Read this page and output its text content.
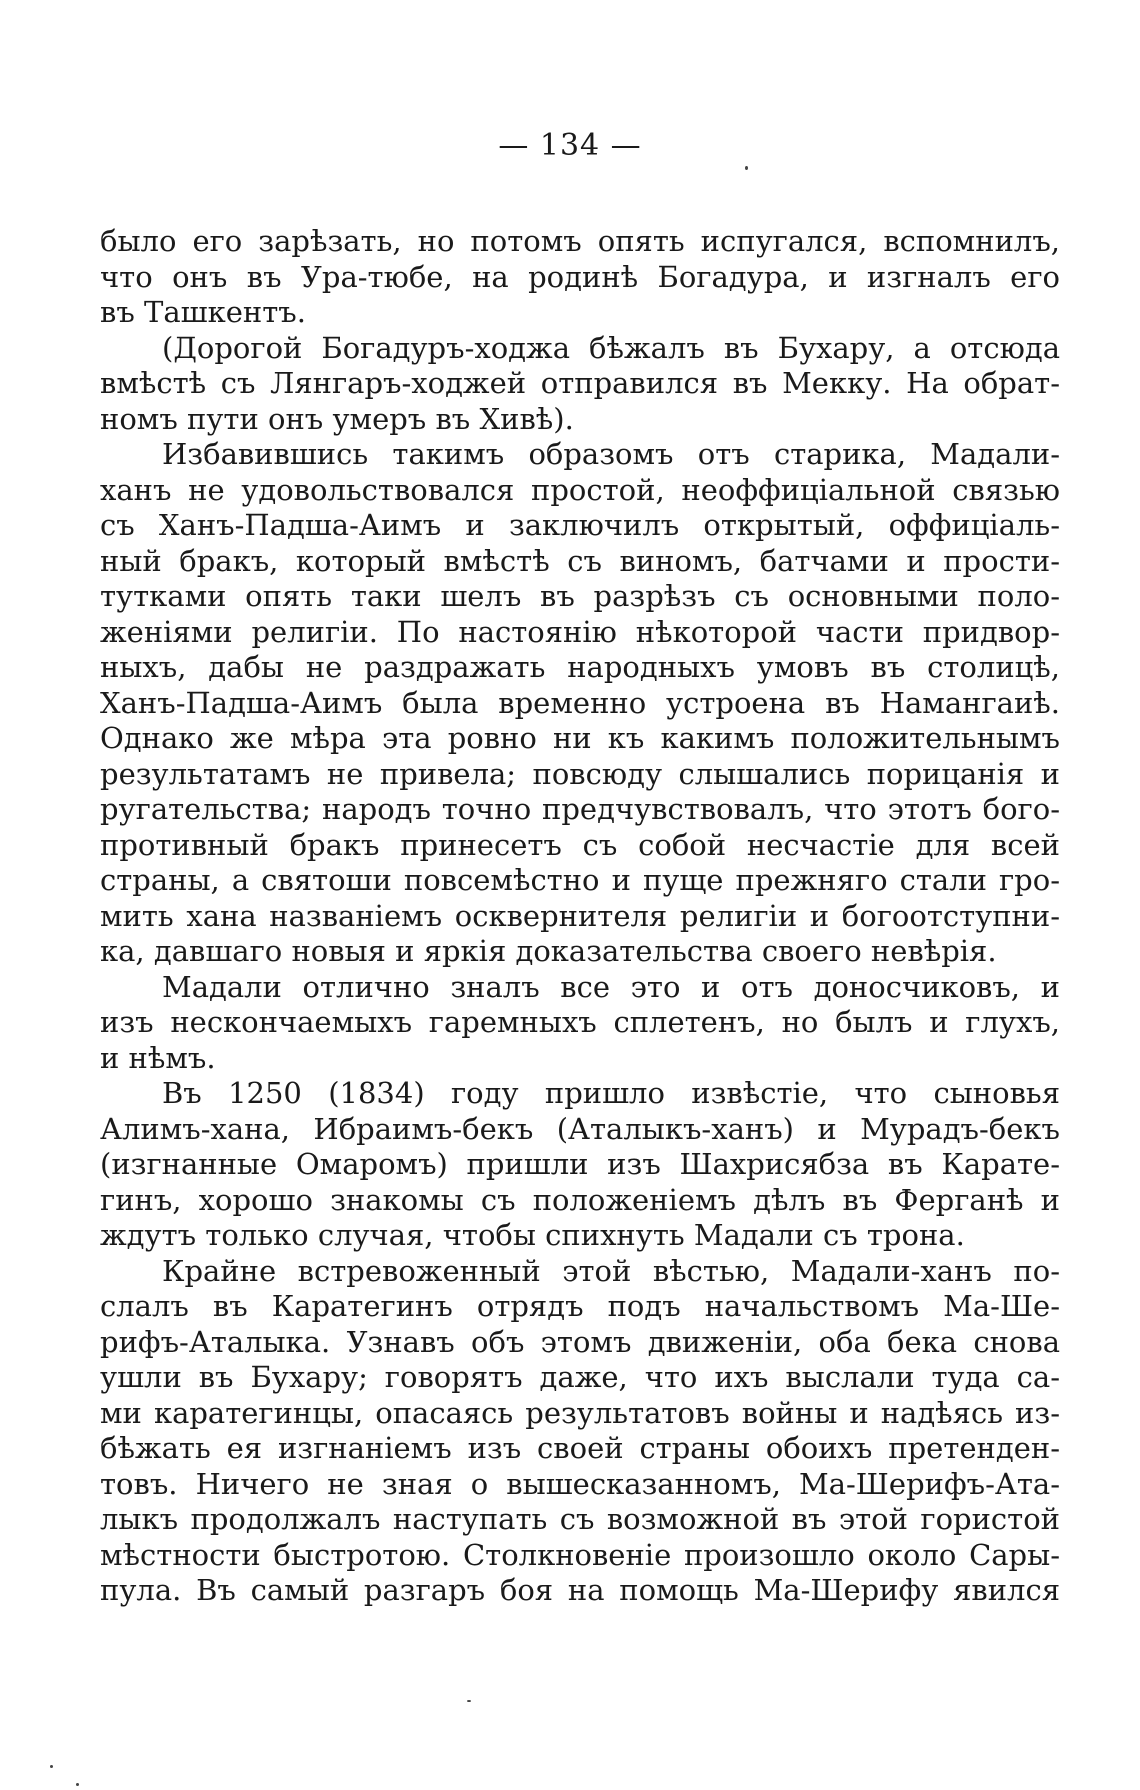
— 134 —
было его зарѣзать, но потомъ опять испугался, вспомнилъ,
что онъ въ Ура-тюбе, на родинѣ Богадура, и изгналъ его
въ Ташкентъ.
(Дорогой Богадуръ-ходжа бѣжалъ въ Бухару, а отсюда
вмѣстѣ съ Лянгаръ-ходжей отправился въ Мекку. На обрат-
номъ пути онъ умеръ въ Хивѣ).
Избавившись такимъ образомъ отъ старика, Мадали-
ханъ не удовольствовался простой, неоффиціальной связью
съ Ханъ-Падша-Аимъ и заключилъ открытый, оффиціаль-
ный бракъ, который вмѣстѣ съ виномъ, батчами и прости-
тутками опять таки шелъ въ разрѣзъ съ основными поло-
женіями религіи. По настоянію нѣкоторой части придвор-
ныхъ, дабы не раздражать народныхъ умовъ въ столицѣ,
Ханъ-Падша-Аимъ была временно устроена въ Намангаиѣ.
Однако же мѣра эта ровно ни къ какимъ положительнымъ
результатамъ не привела; повсюду слышались порицанія и
ругательства; народъ точно предчувствовалъ, что этотъ бого-
противный бракъ принесетъ съ собой несчастіе для всей
страны, а святоши повсемѣстно и пуще прежняго стали гро-
мить хана названіемъ осквернителя религіи и богоотступни-
ка, давшаго новыя и яркія доказательства своего невѣрія.
Мадали отлично зналъ все это и отъ доносчиковъ, и
изъ нескончаемыхъ гаремныхъ сплетенъ, но былъ и глухъ,
и нѣмъ.
Въ 1250 (1834) году пришло извѣстіе, что сыновья
Алимъ-хана, Ибраимъ-бекъ (Аталыкъ-ханъ) и Мурадъ-бекъ
(изгнанные Омаромъ) пришли изъ Шахрисябза въ Карате-
гинъ, хорошо знакомы съ положеніемъ дѣлъ въ Ферганѣ и
ждутъ только случая, чтобы спихнуть Мадали съ трона.
Крайне встревоженный этой вѣстью, Мадали-ханъ по-
слалъ въ Каратегинъ отрядъ подъ начальствомъ Ма-Ше-
рифъ-Аталыка. Узнавъ объ этомъ движеніи, оба бека снова
ушли въ Бухару; говорятъ даже, что ихъ выслали туда са-
ми каратегинцы, опасаясь результатовъ войны и надѣясь из-
бѣжать ея изгнаніемъ изъ своей страны обоихъ претенден-
товъ. Ничего не зная о вышесказанномъ, Ма-Шерифъ-Ата-
лыкъ продолжалъ наступать съ возможной въ этой гористой
мѣстности быстротою. Столкновеніе произошло около Сары-
пула. Въ самый разгаръ боя на помощь Ма-Шерифу явился
